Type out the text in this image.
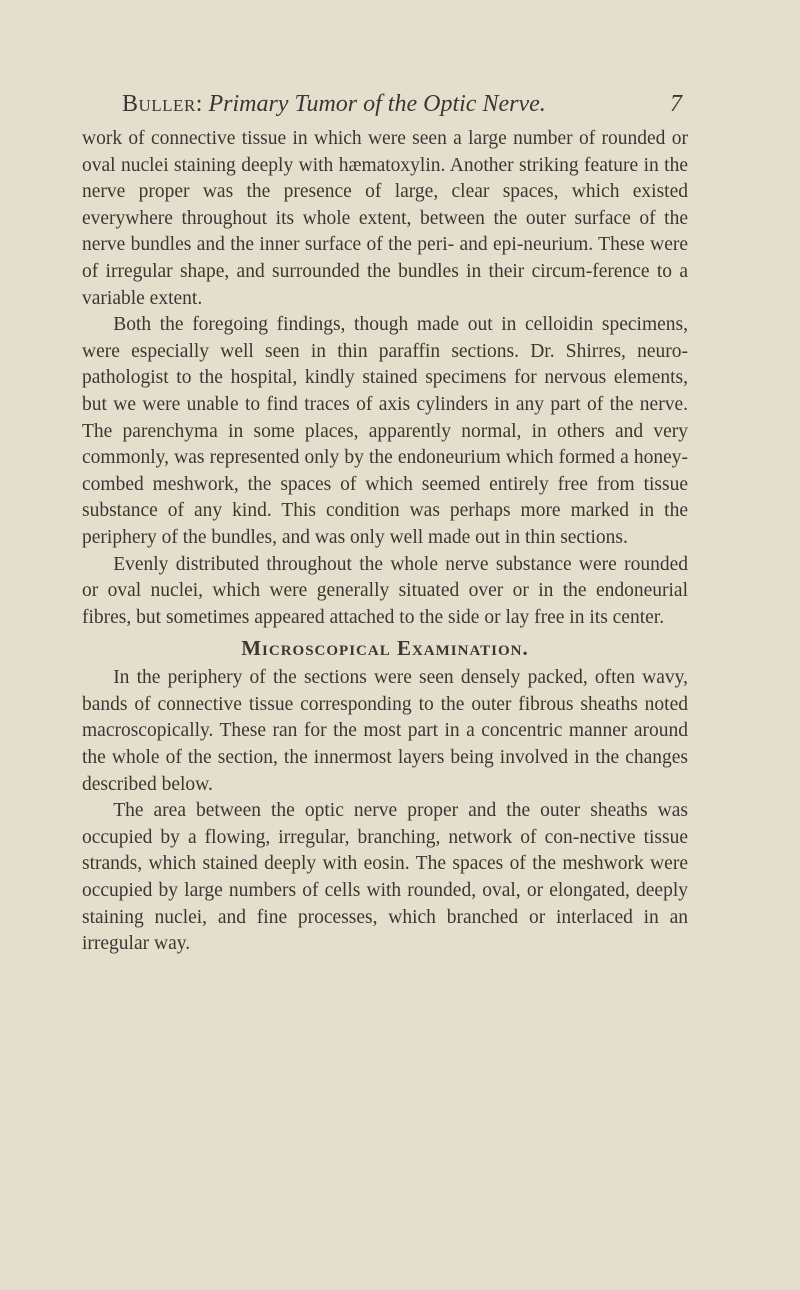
Buller: Primary Tumor of the Optic Nerve.	7

work of connective tissue in which were seen a large number of rounded or oval nuclei staining deeply with hæmatoxylin. Another striking feature in the nerve proper was the presence of large, clear spaces, which existed everywhere throughout its whole extent, between the outer surface of the nerve bundles and the inner surface of the peri- and epi-neurium. These were of irregular shape, and surrounded the bundles in their circum-ference to a variable extent.

Both the foregoing findings, though made out in celloidin specimens, were especially well seen in thin paraffin sections. Dr. Shirres, neuro-pathologist to the hospital, kindly stained specimens for nervous elements, but we were unable to find traces of axis cylinders in any part of the nerve. The parenchyma in some places, apparently normal, in others and very commonly, was represented only by the endoneurium which formed a honey-combed meshwork, the spaces of which seemed entirely free from tissue substance of any kind. This condition was perhaps more marked in the periphery of the bundles, and was only well made out in thin sections.

Evenly distributed throughout the whole nerve substance were rounded or oval nuclei, which were generally situated over or in the endoneurial fibres, but sometimes appeared attached to the side or lay free in its center.

Microscopical Examination.

In the periphery of the sections were seen densely packed, often wavy, bands of connective tissue corresponding to the outer fibrous sheaths noted macroscopically. These ran for the most part in a concentric manner around the whole of the section, the innermost layers being involved in the changes described below.

The area between the optic nerve proper and the outer sheaths was occupied by a flowing, irregular, branching, network of con-nective tissue strands, which stained deeply with eosin. The spaces of the meshwork were occupied by large numbers of cells with rounded, oval, or elongated, deeply staining nuclei, and fine processes, which branched or interlaced in an irregular way.
